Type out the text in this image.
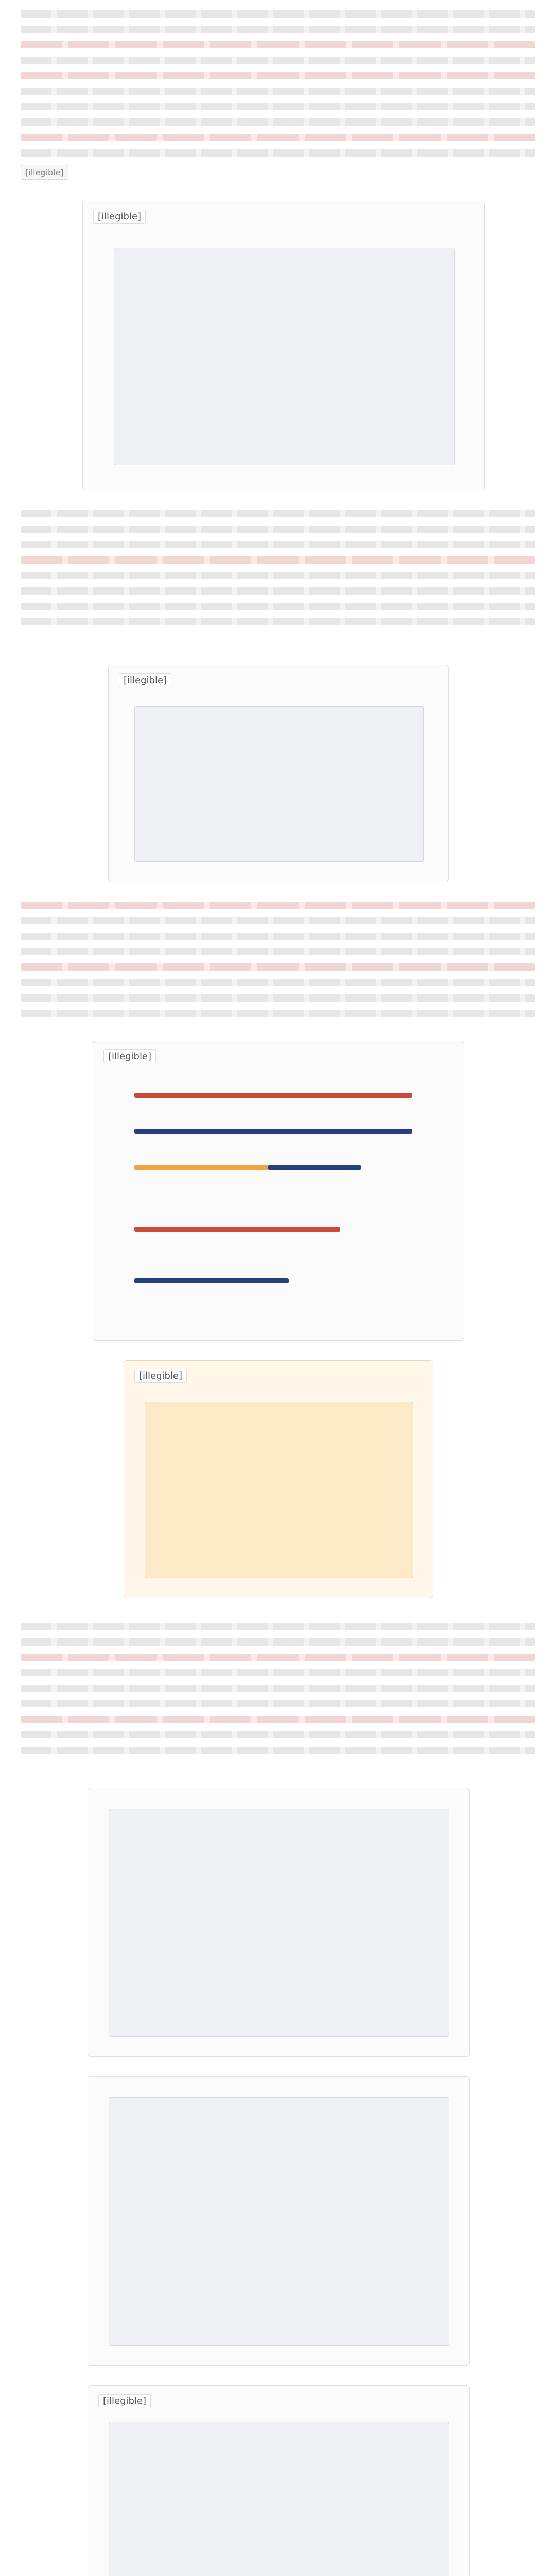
[illegible]
[illegible]
[illegible]
[illegible]
[illegible]
[illegible]
